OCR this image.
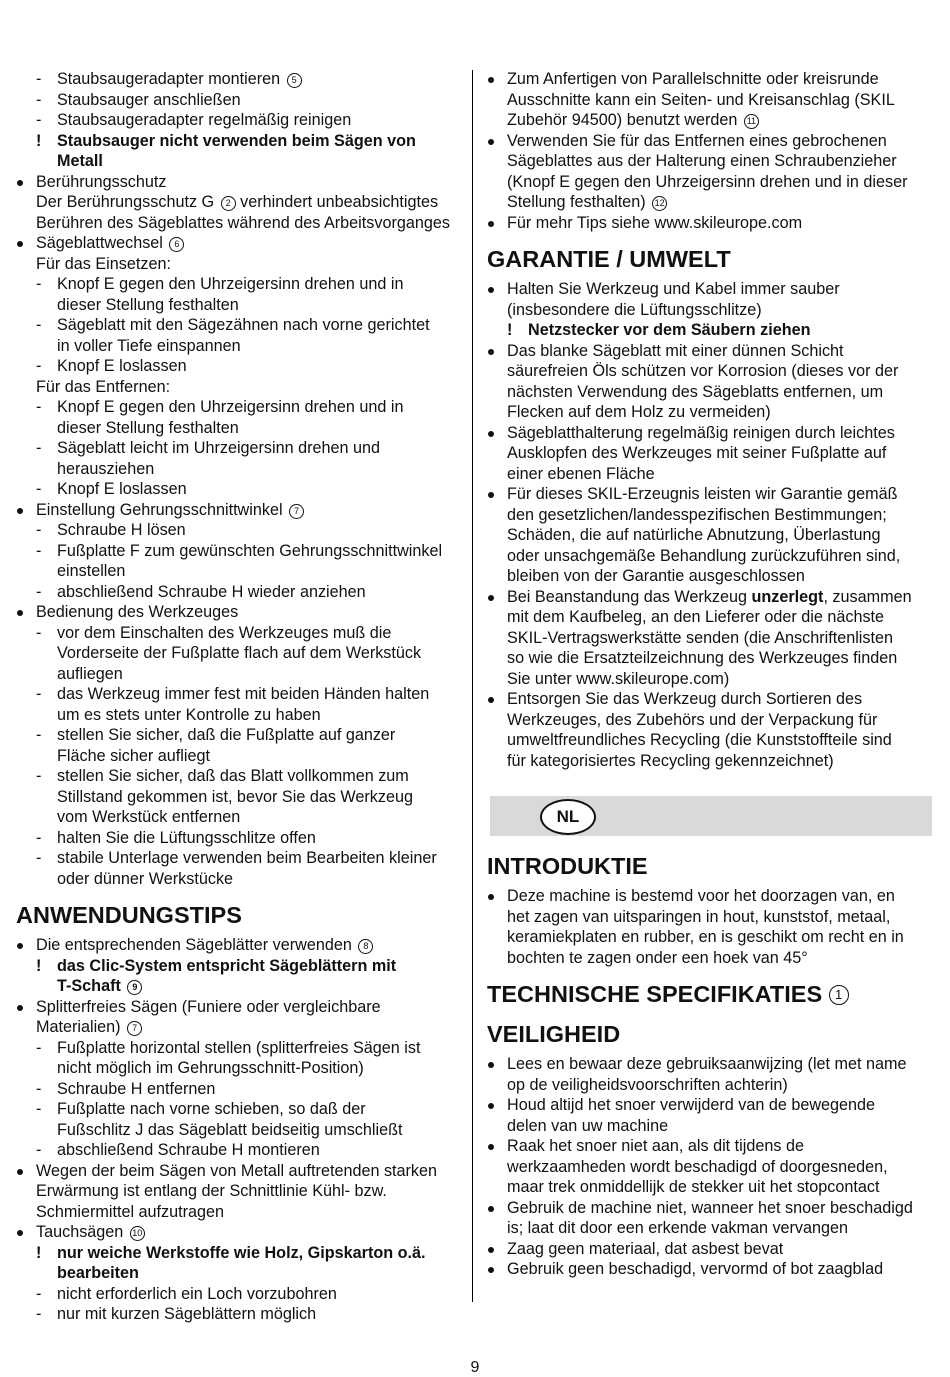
- Staubsaugeradapter montieren 5
- Staubsauger anschließen
- Staubsaugeradapter regelmäßig reinigen
! Staubsauger nicht verwenden beim Sägen von
Metall
Berührungsschutz
Der Berührungsschutz G 2 verhindert unbeabsichtigtes
Berühren des Sägeblattes während des Arbeitsvorganges
Sägeblattwechsel 6
Für das Einsetzen:
- Knopf E gegen den Uhrzeigersinn drehen und in
dieser Stellung festhalten
- Sägeblatt mit den Sägezähnen nach vorne gerichtet
in voller Tiefe einspannen
- Knopf E loslassen
Für das Entfernen:
- Knopf E gegen den Uhrzeigersinn drehen und in
dieser Stellung festhalten
- Sägeblatt leicht im Uhrzeigersinn drehen und
herausziehen
- Knopf E loslassen
Einstellung Gehrungsschnittwinkel 7
- Schraube H lösen
- Fußplatte F zum gewünschten Gehrungsschnittwinkel
einstellen
- abschließend Schraube H wieder anziehen
Bedienung des Werkzeuges
- vor dem Einschalten des Werkzeuges muß die
Vorderseite der Fußplatte flach auf dem Werkstück
aufliegen
- das Werkzeug immer fest mit beiden Händen halten
um es stets unter Kontrolle zu haben
- stellen Sie sicher, daß die Fußplatte auf ganzer
Fläche sicher aufliegt
- stellen Sie sicher, daß das Blatt vollkommen zum
Stillstand gekommen ist, bevor Sie das Werkzeug
vom Werkstück entfernen
- halten Sie die Lüftungsschlitze offen
- stabile Unterlage verwenden beim Bearbeiten kleiner
oder dünner Werkstücke
ANWENDUNGSTIPS
Die entsprechenden Sägeblätter verwenden 8
! das Clic-System entspricht Sägeblättern mit
T-Schaft 9
Splitterfreies Sägen (Funiere oder vergleichbare
Materialien) 7
- Fußplatte horizontal stellen (splitterfreies Sägen ist
nicht möglich im Gehrungsschnitt-Position)
- Schraube H entfernen
- Fußplatte nach vorne schieben, so daß der
Fußschlitz J das Sägeblatt beidseitig umschließt
- abschließend Schraube H montieren
Wegen der beim Sägen von Metall auftretenden starken
Erwärmung ist entlang der Schnittlinie Kühl- bzw.
Schmiermittel aufzutragen
Tauchsägen 10
! nur weiche Werkstoffe wie Holz, Gipskarton o.ä.
bearbeiten
- nicht erforderlich ein Loch vorzubohren
- nur mit kurzen Sägeblättern möglich
Zum Anfertigen von Parallelschnitte oder kreisrunde
Ausschnitte kann ein Seiten- und Kreisanschlag (SKIL
Zubehör 94500) benutzt werden 11
Verwenden Sie für das Entfernen eines gebrochenen
Sägeblattes aus der Halterung einen Schraubenzieher
(Knopf E gegen den Uhrzeigersinn drehen und in dieser
Stellung festhalten) 12
Für mehr Tips siehe www.skileurope.com
GARANTIE / UMWELT
Halten Sie Werkzeug und Kabel immer sauber
(insbesondere die Lüftungsschlitze)
! Netzstecker vor dem Säubern ziehen
Das blanke Sägeblatt mit einer dünnen Schicht
säurefreien Öls schützen vor Korrosion (dieses vor der
nächsten Verwendung des Sägeblatts entfernen, um
Flecken auf dem Holz zu vermeiden)
Sägeblatthalterung regelmäßig reinigen durch leichtes
Ausklopfen des Werkzeuges mit seiner Fußplatte auf
einer ebenen Fläche
Für dieses SKIL-Erzeugnis leisten wir Garantie gemäß
den gesetzlichen/landesspezifischen Bestimmungen;
Schäden, die auf natürliche Abnutzung, Überlastung
oder unsachgemäße Behandlung zurückzuführen sind,
bleiben von der Garantie ausgeschlossen
Bei Beanstandung das Werkzeug unzerlegt, zusammen
mit dem Kaufbeleg, an den Lieferer oder die nächste
SKIL-Vertragswerkstätte senden (die Anschriftenlisten
so wie die Ersatzteilzeichnung des Werkzeuges finden
Sie unter www.skileurope.com)
Entsorgen Sie das Werkzeug durch Sortieren des
Werkzeuges, des Zubehörs und der Verpackung für
umweltfreundliches Recycling (die Kunststoffteile sind
für kategorisiertes Recycling gekennzeichnet)
NL
INTRODUKTIE
Deze machine is bestemd voor het doorzagen van, en
het zagen van uitsparingen in hout, kunststof, metaal,
keramiekplaten en rubber, en is geschikt om recht en in
bochten te zagen onder een hoek van 45°
TECHNISCHE SPECIFIKATIES 1
VEILIGHEID
Lees en bewaar deze gebruiksaanwijzing (let met name
op de veiligheidsvoorschriften achterin)
Houd altijd het snoer verwijderd van de bewegende
delen van uw machine
Raak het snoer niet aan, als dit tijdens de
werkzaamheden wordt beschadigd of doorgesneden,
maar trek onmiddellijk de stekker uit het stopcontact
Gebruik de machine niet, wanneer het snoer beschadigd
is; laat dit door een erkende vakman vervangen
Zaag geen materiaal, dat asbest bevat
Gebruik geen beschadigd, vervormd of bot zaagblad
9
